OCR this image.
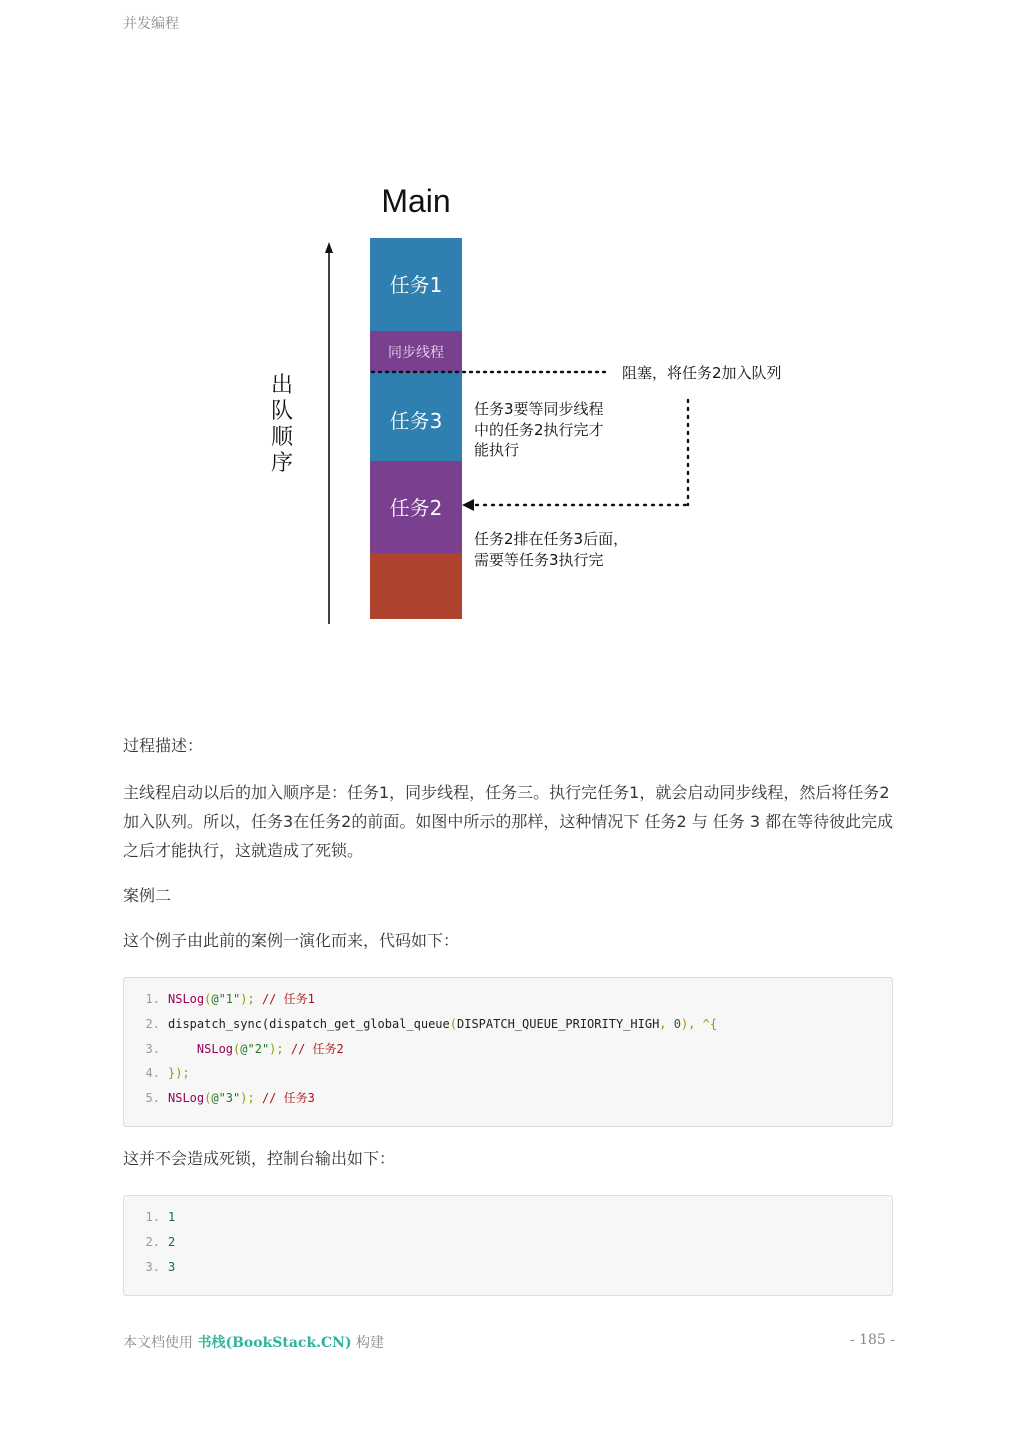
并发编程
Main
出
队
顺
序
任务1
同步线程
任务3
任务2
阻塞，将任务2加入队列
任务3要等同步线程
中的任务2执行完才
能执行
任务2排在任务3后面，
需要等任务3执行完
过程描述：
主线程启动以后的加入顺序是：任务1，同步线程，任务三。执行完任务1，就会启动同步线程，然后将任务2加入队列。所以，任务3在任务2的前面。如图中所示的那样，这种情况下 任务2 与 任务 3 都在等待彼此完成之后才能执行，这就造成了死锁。
案例二
这个例子由此前的案例一演化而来，代码如下：
1. NSLog(@"1"); // 任务1
2. dispatch_sync(dispatch_get_global_queue(DISPATCH_QUEUE_PRIORITY_HIGH, 0), ^{
3.	NSLog(@"2"); // 任务2
4. });
5. NSLog(@"3"); // 任务3
这并不会造成死锁，控制台输出如下：
1. 1
2. 2
3. 3
本文档使用 书栈(BookStack.CN) 构建	- 185 -
